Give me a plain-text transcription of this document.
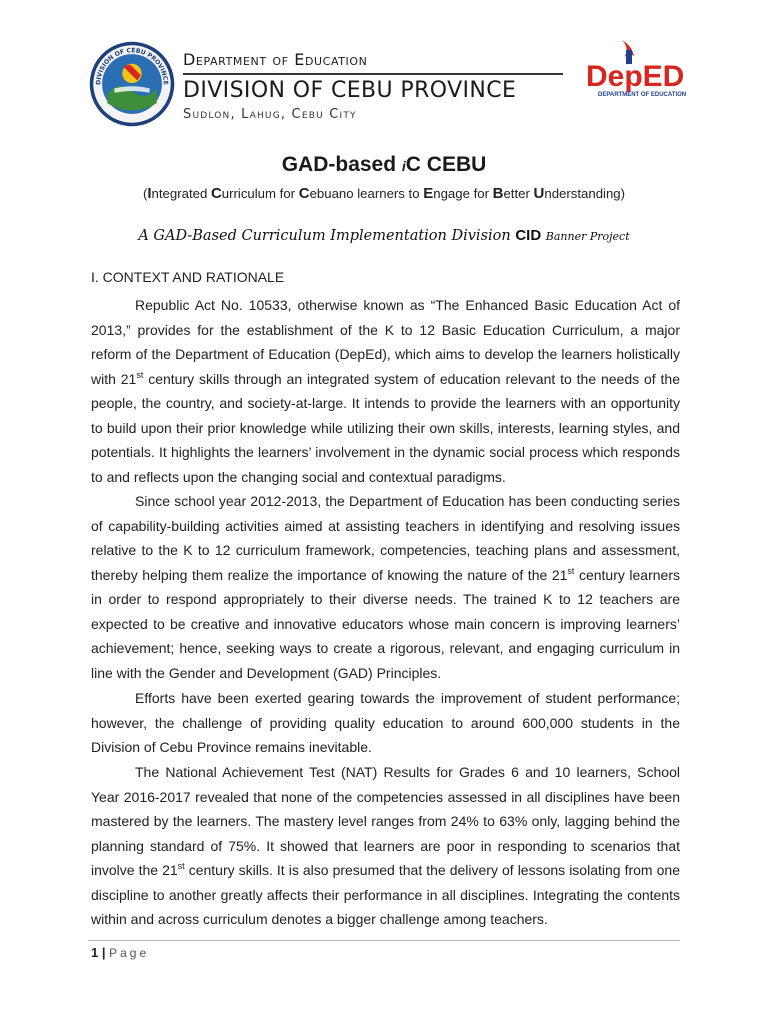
DIVISION OF CEBU PROVINCE
Department of Education
DIVISION OF CEBU PROVINCE
Sudlon, Lahug, Cebu City
DepED
DEPARTMENT OF EDUCATION
GAD-based iC CEBU
(Integrated Curriculum for Cebuano learners to Engage for Better Understanding)
A GAD-Based Curriculum Implementation Division CID Banner Project
I. CONTEXT AND RATIONALE
Republic Act No. 10533, otherwise known as “The Enhanced Basic Education Act of 2013,” provides for the establishment of the K to 12 Basic Education Curriculum, a major reform of the Department of Education (DepEd), which aims to develop the learners holistically with 21st century skills through an integrated system of education relevant to the needs of the people, the country, and society-at-large. It intends to provide the learners with an opportunity to build upon their prior knowledge while utilizing their own skills, interests, learning styles, and potentials. It highlights the learners’ involvement in the dynamic social process which responds to and reflects upon the changing social and contextual paradigms.
Since school year 2012-2013, the Department of Education has been conducting series of capability-building activities aimed at assisting teachers in identifying and resolving issues relative to the K to 12 curriculum framework, competencies, teaching plans and assessment, thereby helping them realize the importance of knowing the nature of the 21st century learners in order to respond appropriately to their diverse needs. The trained K to 12 teachers are expected to be creative and innovative educators whose main concern is improving learners’ achievement; hence, seeking ways to create a rigorous, relevant, and engaging curriculum in line with the Gender and Development (GAD) Principles.
Efforts have been exerted gearing towards the improvement of student performance; however, the challenge of providing quality education to around 600,000 students in the Division of Cebu Province remains inevitable.
The National Achievement Test (NAT) Results for Grades 6 and 10 learners, School Year 2016-2017 revealed that none of the competencies assessed in all disciplines have been mastered by the learners. The mastery level ranges from 24% to 63% only, lagging behind the planning standard of 75%. It showed that learners are poor in responding to scenarios that involve the 21st century skills. It is also presumed that the delivery of lessons isolating from one discipline to another greatly affects their performance in all disciplines. Integrating the contents within and across curriculum denotes a bigger challenge among teachers.
1 | Page
